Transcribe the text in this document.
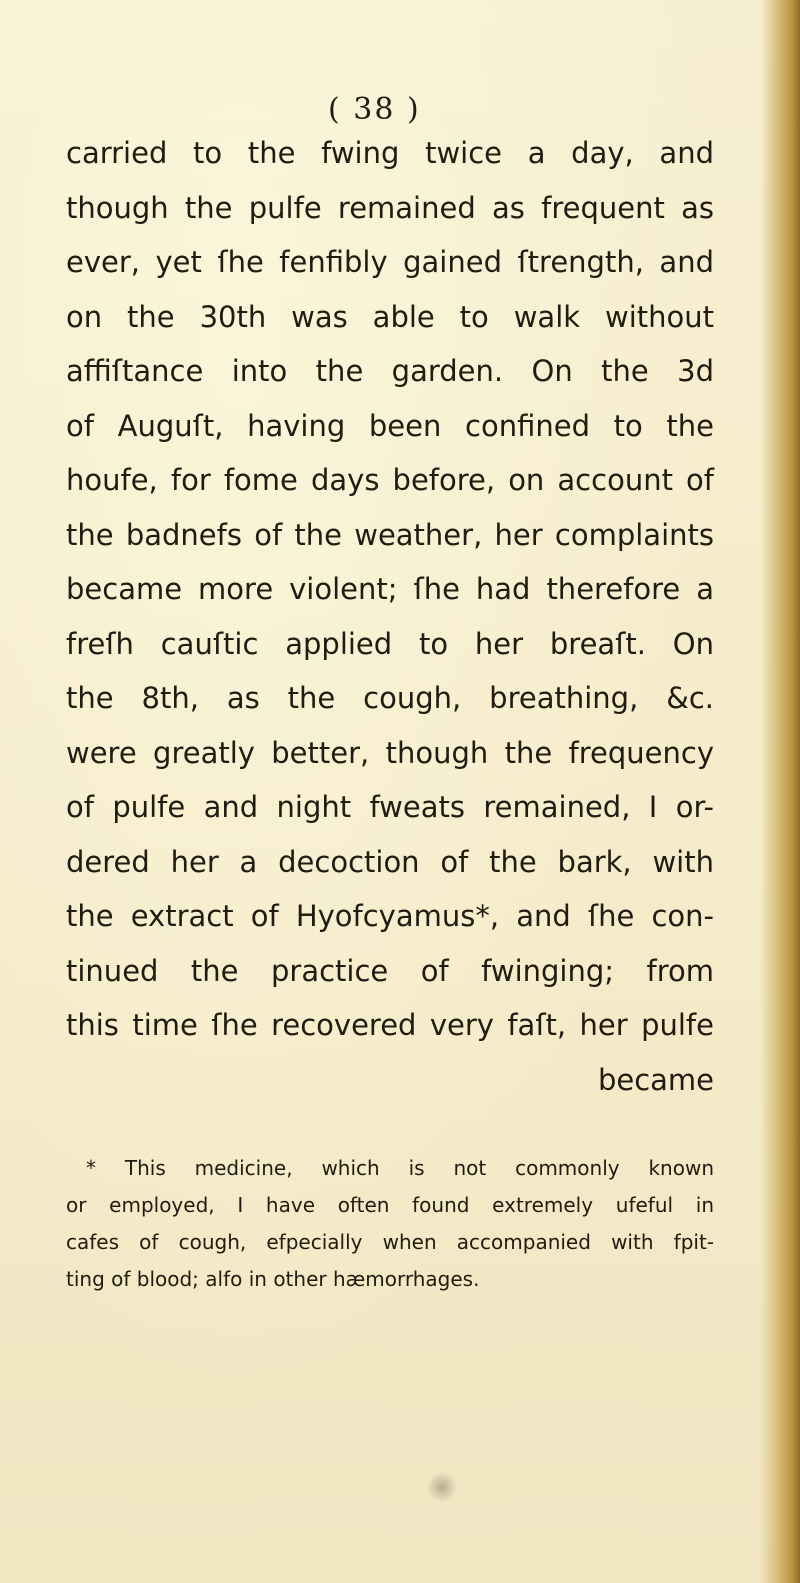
( 38 )
carried to the fwing twice a day, and
though the pulfe remained as frequent as
ever, yet ſhe fenfibly gained ſtrength, and
on the 30th was able to walk without
affiſtance into the garden. On the 3d
of Auguſt, having been confined to the
houfe, for fome days before, on account of
the badnefs of the weather, her complaints
became more violent; ſhe had therefore a
freſh cauſtic applied to her breaſt. On
the 8th, as the cough, breathing, &c.
were greatly better, though the frequency
of pulfe and night fweats remained, I or-
dered her a decoction of the bark, with
the extract of Hyofcyamus*, and ſhe con-
tinued the practice of fwinging; from
this time ſhe recovered very faſt, her pulfe
became
* This medicine, which is not commonly known
or employed, I have often found extremely ufeful in
cafes of cough, efpecially when accompanied with fpit-
ting of blood; alfo in other hæmorrhages.
